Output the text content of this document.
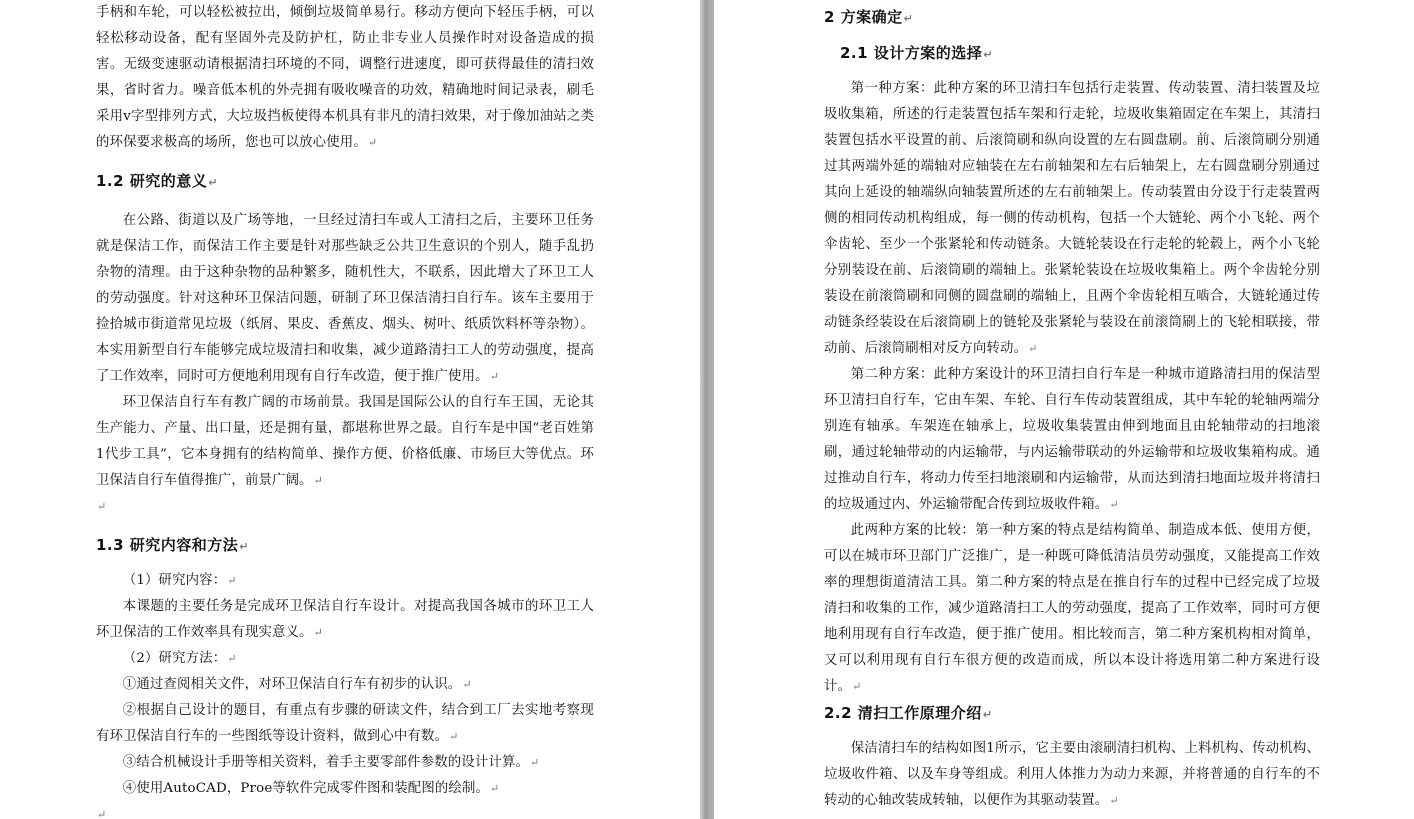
手柄和车轮，可以轻松被拉出，倾倒垃圾简单易行。移动方便向下轻压手柄，可以轻松移动设备，配有坚固外壳及防护杠，防止非专业人员操作时对设备造成的损害。无级变速驱动请根据清扫环境的不同，调整行进速度，即可获得最佳的清扫效果，省时省力。噪音低本机的外壳拥有吸收噪音的功效，精确地时间记录表，刷毛采用v字型排列方式，大垃圾挡板使得本机具有非凡的清扫效果，对于像加油站之类的环保要求极高的场所，您也可以放心使用。↵

1.2 研究的意义↵

在公路、街道以及广场等地，一旦经过清扫车或人工清扫之后，主要环卫任务就是保洁工作，而保洁工作主要是针对那些缺乏公共卫生意识的个别人，随手乱扔杂物的清理。由于这种杂物的品种繁多，随机性大，不联系，因此增大了环卫工人的劳动强度。针对这种环卫保洁问题，研制了环卫保洁清扫自行车。该车主要用于捡拾城市街道常见垃圾（纸屑、果皮、香蕉皮、烟头、树叶、纸质饮料杯等杂物）。本实用新型自行车能够完成垃圾清扫和收集，减少道路清扫工人的劳动强度，提高了工作效率，同时可方便地利用现有自行车改造，便于推广使用。↵

环卫保洁自行车有教广阔的市场前景。我国是国际公认的自行车王国，无论其生产能力、产量、出口量，还是拥有量，都堪称世界之最。自行车是中国“老百姓第1代步工具”，它本身拥有的结构简单、操作方便、价格低廉、市场巨大等优点。环卫保洁自行车值得推广，前景广阔。↵

↵

1.3 研究内容和方法↵

（1）研究内容：↵

本课题的主要任务是完成环卫保洁自行车设计。对提高我国各城市的环卫工人环卫保洁的工作效率具有现实意义。↵

（2）研究方法：↵

①通过查阅相关文件，对环卫保洁自行车有初步的认识。↵

②根据自己设计的题目，有重点有步骤的研读文件，结合到工厂去实地考察现有环卫保洁自行车的一些图纸等设计资料，做到心中有数。↵

③结合机械设计手册等相关资料，着手主要零部件参数的设计计算。↵

④使用AutoCAD，Proe等软件完成零件图和装配图的绘制。↵

↵

2 方案确定↵
2.1 设计方案的选择↵

第一种方案：此种方案的环卫清扫车包括行走装置、传动装置、清扫装置及垃圾收集箱，所述的行走装置包括车架和行走轮，垃圾收集箱固定在车架上，其清扫装置包括水平设置的前、后滚筒刷和纵向设置的左右圆盘刷。前、后滚筒刷分别通过其两端外延的端轴对应轴装在左右前轴架和左右后轴架上，左右圆盘刷分别通过其向上延设的轴端纵向轴装置所述的左右前轴架上。传动装置由分设于行走装置两侧的相同传动机构组成，每一侧的传动机构，包括一个大链轮、两个小飞轮、两个伞齿轮、至少一个张紧轮和传动链条。大链轮装设在行走轮的轮毂上，两个小飞轮分别装设在前、后滚筒刷的端轴上。张紧轮装设在垃圾收集箱上。两个伞齿轮分别装设在前滚筒刷和同侧的圆盘刷的端轴上，且两个伞齿轮相互啮合，大链轮通过传动链条经装设在后滚筒刷上的链轮及张紧轮与装设在前滚筒刷上的飞轮相联接，带动前、后滚筒刷相对反方向转动。↵

第二种方案：此种方案设计的环卫清扫自行车是一种城市道路清扫用的保洁型环卫清扫自行车，它由车架、车轮、自行车传动装置组成，其中车轮的轮轴两端分别连有轴承。车架连在轴承上，垃圾收集装置由伸到地面且由轮轴带动的扫地滚刷，通过轮轴带动的内运输带，与内运输带联动的外运输带和垃圾收集箱构成。通过推动自行车，将动力传至扫地滚刷和内运输带，从而达到清扫地面垃圾并将清扫的垃圾通过内、外运输带配合传到垃圾收件箱。↵

此两种方案的比较：第一种方案的特点是结构简单、制造成本低、使用方便，可以在城市环卫部门广泛推广，是一种既可降低清洁员劳动强度，又能提高工作效率的理想街道清洁工具。第二种方案的特点是在推自行车的过程中已经完成了垃圾清扫和收集的工作，减少道路清扫工人的劳动强度，提高了工作效率，同时可方便地利用现有自行车改造，便于推广使用。相比较而言，第二种方案机构相对简单，又可以利用现有自行车很方便的改造而成，所以本设计将选用第二种方案进行设计。↵

2.2 清扫工作原理介绍↵

保洁清扫车的结构如图1所示，它主要由滚刷清扫机构、上料机构、传动机构、垃圾收件箱、以及车身等组成。利用人体推力为动力来源，并将普通的自行车的不转动的心轴改装成转轴，以便作为其驱动装置。↵
